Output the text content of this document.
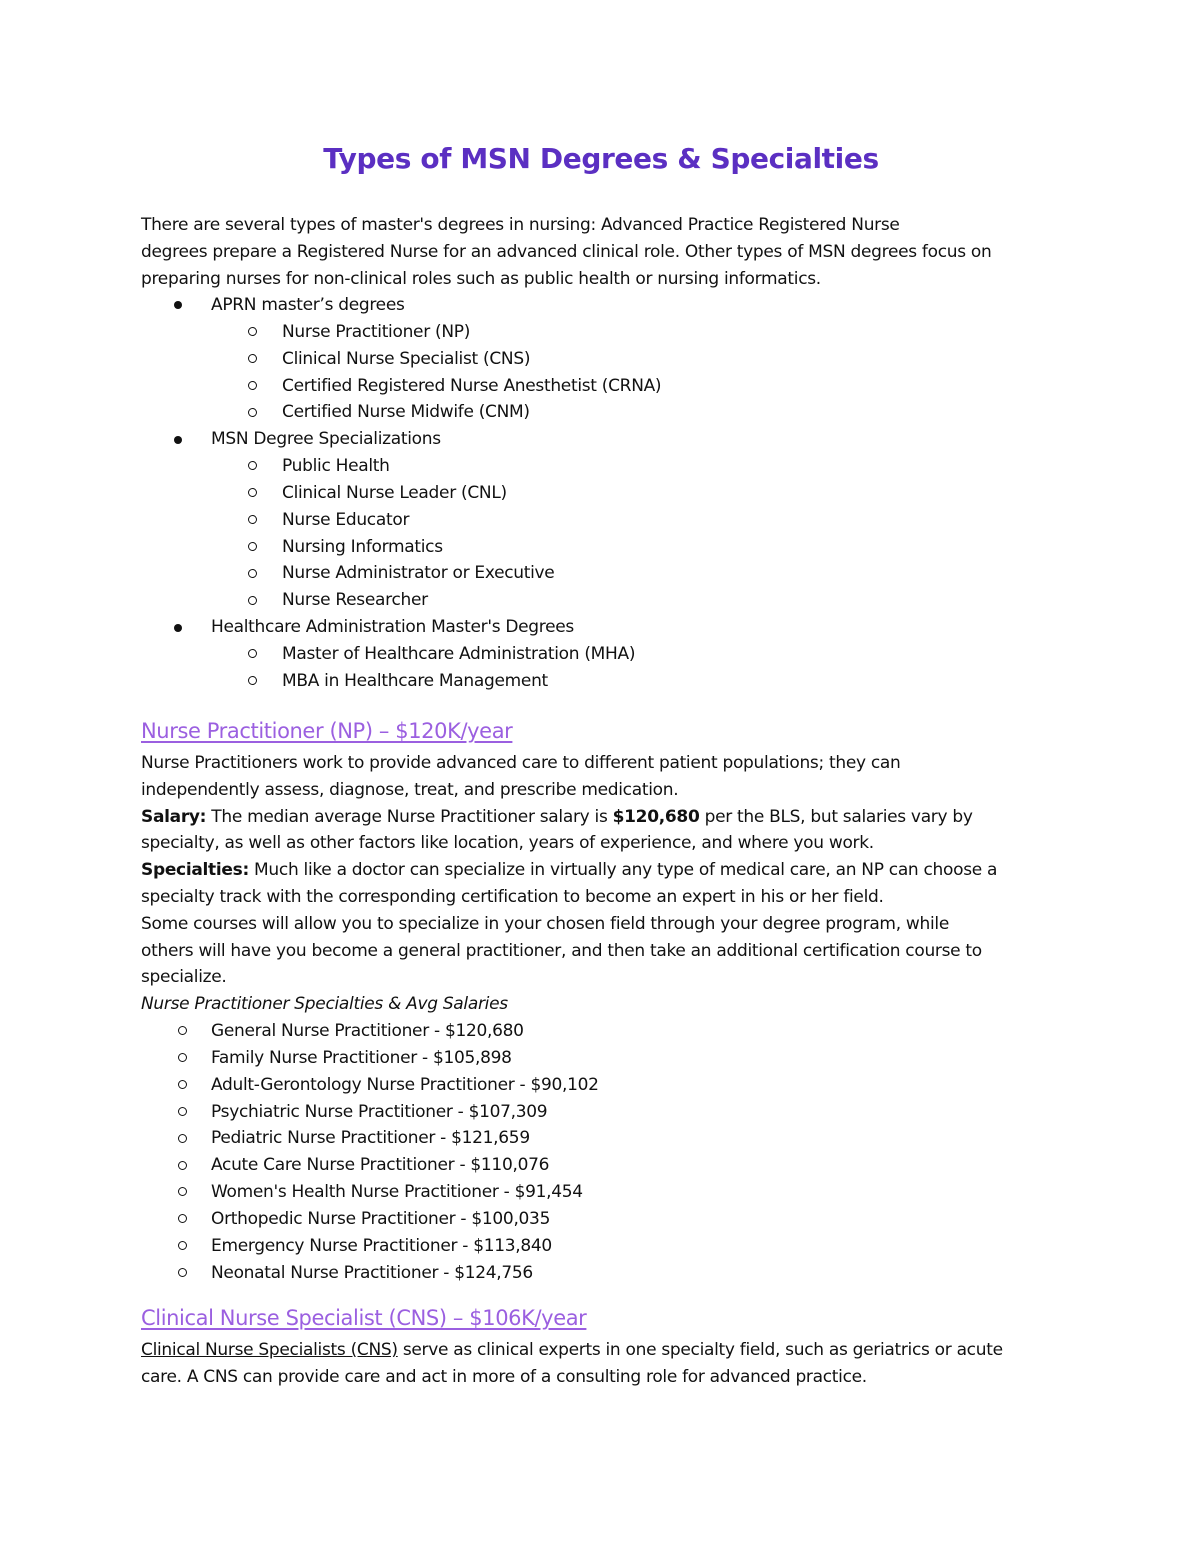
Types of MSN Degrees & Specialties
There are several types of master's degrees in nursing: Advanced Practice Registered Nurse
degrees prepare a Registered Nurse for an advanced clinical role. Other types of MSN degrees focus on
preparing nurses for non-clinical roles such as public health or nursing informatics.
APRN master’s degrees
Nurse Practitioner (NP)
Clinical Nurse Specialist (CNS)
Certified Registered Nurse Anesthetist (CRNA)
Certified Nurse Midwife (CNM)
MSN Degree Specializations
Public Health
Clinical Nurse Leader (CNL)
Nurse Educator
Nursing Informatics
Nurse Administrator or Executive
Nurse Researcher
Healthcare Administration Master's Degrees
Master of Healthcare Administration (MHA)
MBA in Healthcare Management
Nurse Practitioner (NP) – $120K/year

Nurse Practitioners work to provide advanced care to different patient populations; they can

independently assess, diagnose, treat, and prescribe medication.

Salary: The median average Nurse Practitioner salary is $120,680 per the BLS, but salaries vary by

specialty, as well as other factors like location, years of experience, and where you work.

Specialties: Much like a doctor can specialize in virtually any type of medical care, an NP can choose a

specialty track with the corresponding certification to become an expert in his or her field.

Some courses will allow you to specialize in your chosen field through your degree program, while

others will have you become a general practitioner, and then take an additional certification course to

specialize.

Nurse Practitioner Specialties & Avg Salaries

General Nurse Practitioner - $120,680
Family Nurse Practitioner - $105,898
Adult-Gerontology Nurse Practitioner - $90,102
Psychiatric Nurse Practitioner - $107,309
Pediatric Nurse Practitioner - $121,659
Acute Care Nurse Practitioner - $110,076
Women's Health Nurse Practitioner - $91,454
Orthopedic Nurse Practitioner - $100,035
Emergency Nurse Practitioner - $113,840
Neonatal Nurse Practitioner - $124,756
Clinical Nurse Specialist (CNS) – $106K/year

Clinical Nurse Specialists (CNS) serve as clinical experts in one specialty field, such as geriatrics or acute

care. A CNS can provide care and act in more of a consulting role for advanced practice.
